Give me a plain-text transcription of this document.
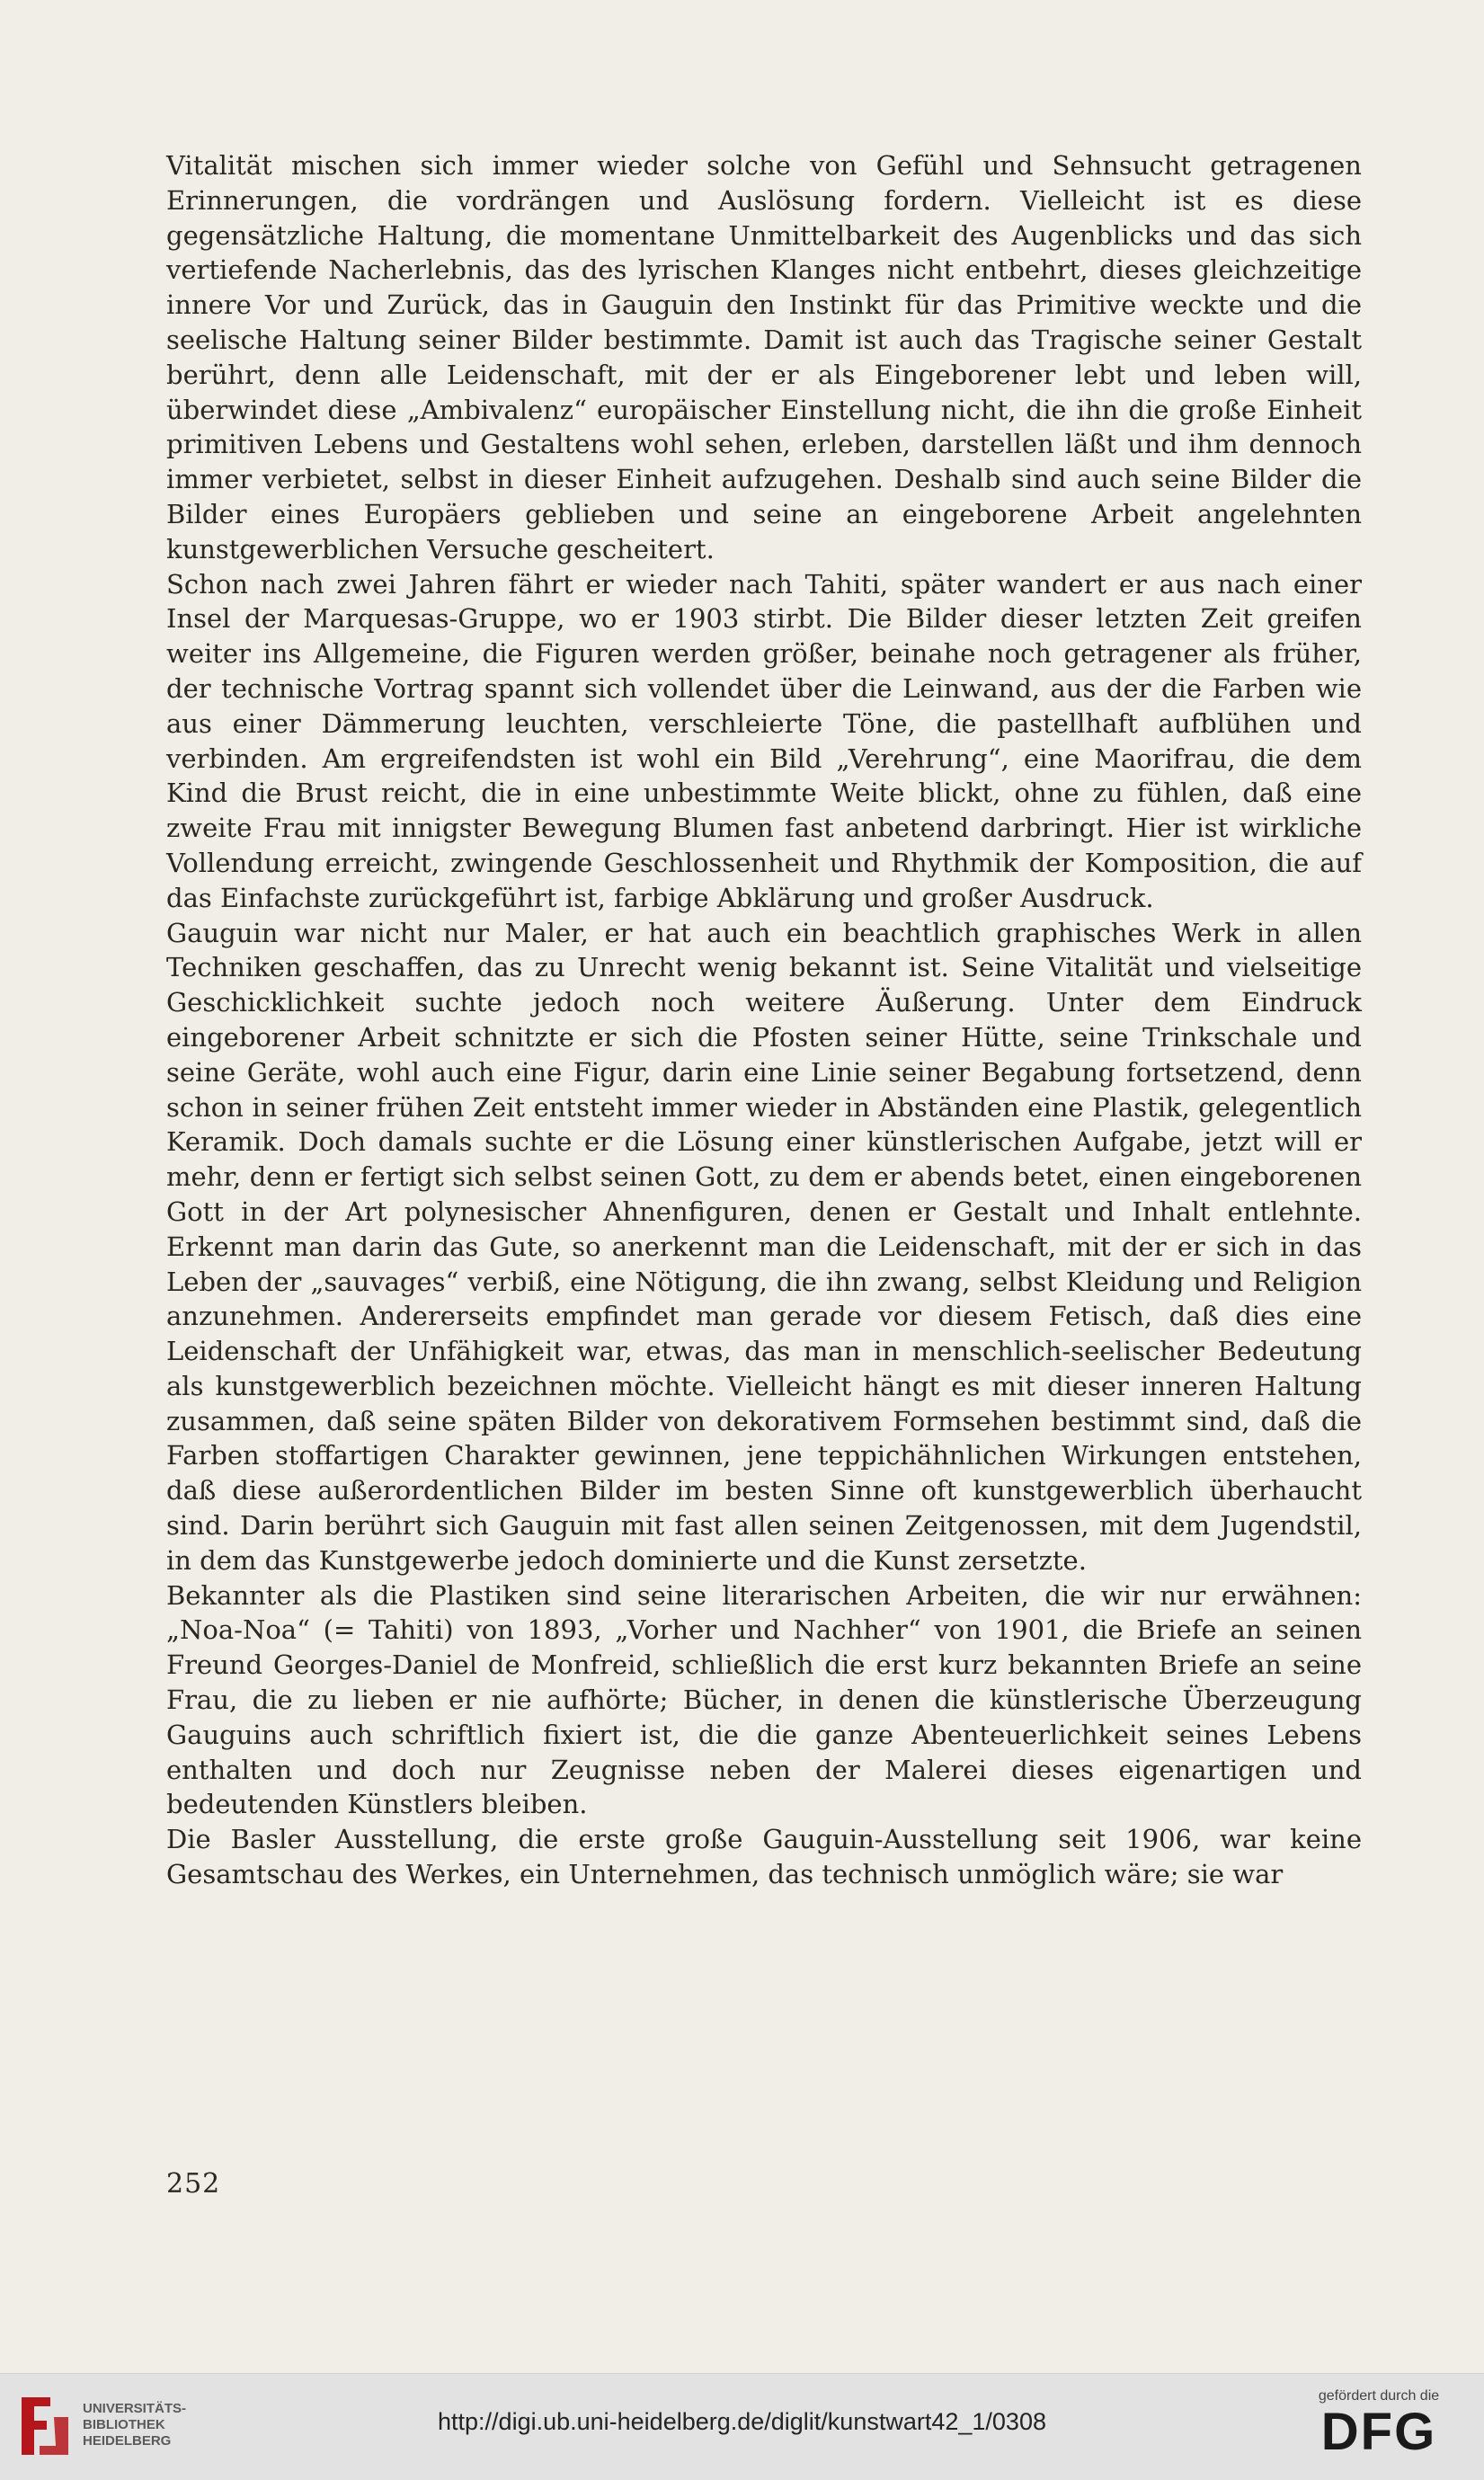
Vitalität mischen sich immer wieder solche von Gefühl und Sehnsucht getragenen Erinnerungen, die vordrängen und Auslösung fordern. Vielleicht ist es diese gegensätzliche Haltung, die momentane Unmittelbarkeit des Augenblicks und das sich vertiefende Nacherlebnis, das des lyrischen Klanges nicht entbehrt, dieses gleichzeitige innere Vor und Zurück, das in Gauguin den Instinkt für das Primitive weckte und die seelische Haltung seiner Bilder bestimmte. Damit ist auch das Tragische seiner Gestalt berührt, denn alle Leidenschaft, mit der er als Eingeborener lebt und leben will, überwindet diese „Ambivalenz“ europäischer Einstellung nicht, die ihn die große Einheit primitiven Lebens und Gestaltens wohl sehen, erleben, darstellen läßt und ihm dennoch immer verbietet, selbst in dieser Einheit aufzugehen. Deshalb sind auch seine Bilder die Bilder eines Europäers geblieben und seine an eingeborene Arbeit angelehnten kunstgewerblichen Versuche gescheitert.

Schon nach zwei Jahren fährt er wieder nach Tahiti, später wandert er aus nach einer Insel der Marquesas-Gruppe, wo er 1903 stirbt. Die Bilder dieser letzten Zeit greifen weiter ins Allgemeine, die Figuren werden größer, beinahe noch getragener als früher, der technische Vortrag spannt sich vollendet über die Leinwand, aus der die Farben wie aus einer Dämmerung leuchten, verschleierte Töne, die pastellhaft aufblühen und verbinden. Am ergreifendsten ist wohl ein Bild „Verehrung“, eine Maorifrau, die dem Kind die Brust reicht, die in eine unbestimmte Weite blickt, ohne zu fühlen, daß eine zweite Frau mit innigster Bewegung Blumen fast anbetend darbringt. Hier ist wirkliche Vollendung erreicht, zwingende Geschlossenheit und Rhythmik der Komposition, die auf das Einfachste zurückgeführt ist, farbige Abklärung und großer Ausdruck.

Gauguin war nicht nur Maler, er hat auch ein beachtlich graphisches Werk in allen Techniken geschaffen, das zu Unrecht wenig bekannt ist. Seine Vitalität und vielseitige Geschicklichkeit suchte jedoch noch weitere Äußerung. Unter dem Eindruck eingeborener Arbeit schnitzte er sich die Pfosten seiner Hütte, seine Trinkschale und seine Geräte, wohl auch eine Figur, darin eine Linie seiner Begabung fortsetzend, denn schon in seiner frühen Zeit entsteht immer wieder in Abständen eine Plastik, gelegentlich Keramik. Doch damals suchte er die Lösung einer künstlerischen Aufgabe, jetzt will er mehr, denn er fertigt sich selbst seinen Gott, zu dem er abends betet, einen eingeborenen Gott in der Art polynesischer Ahnenfiguren, denen er Gestalt und Inhalt entlehnte. Erkennt man darin das Gute, so anerkennt man die Leidenschaft, mit der er sich in das Leben der „sauvages“ verbiß, eine Nötigung, die ihn zwang, selbst Kleidung und Religion anzunehmen. Andererseits empfindet man gerade vor diesem Fetisch, daß dies eine Leidenschaft der Unfähigkeit war, etwas, das man in menschlich-seelischer Bedeutung als kunstgewerblich bezeichnen möchte. Vielleicht hängt es mit dieser inneren Haltung zusammen, daß seine späten Bilder von dekorativem Formsehen bestimmt sind, daß die Farben stoffartigen Charakter gewinnen, jene teppichähnlichen Wirkungen entstehen, daß diese außerordentlichen Bilder im besten Sinne oft kunstgewerblich überhaucht sind. Darin berührt sich Gauguin mit fast allen seinen Zeitgenossen, mit dem Jugendstil, in dem das Kunstgewerbe jedoch dominierte und die Kunst zersetzte.

Bekannter als die Plastiken sind seine literarischen Arbeiten, die wir nur erwähnen: „Noa-Noa“ (= Tahiti) von 1893, „Vorher und Nachher“ von 1901, die Briefe an seinen Freund Georges-Daniel de Monfreid, schließlich die erst kurz bekannten Briefe an seine Frau, die zu lieben er nie aufhörte; Bücher, in denen die künstlerische Überzeugung Gauguins auch schriftlich fixiert ist, die die ganze Abenteuerlichkeit seines Lebens enthalten und doch nur Zeugnisse neben der Malerei dieses eigenartigen und bedeutenden Künstlers bleiben.

Die Basler Ausstellung, die erste große Gauguin-Ausstellung seit 1906, war keine Gesamtschau des Werkes, ein Unternehmen, das technisch unmöglich wäre; sie war

252
UNIVERSITÄTS-
BIBLIOTHEK
HEIDELBERG
http://digi.ub.uni-heidelberg.de/diglit/kunstwart42_1/0308
gefördert durch die
DFG
